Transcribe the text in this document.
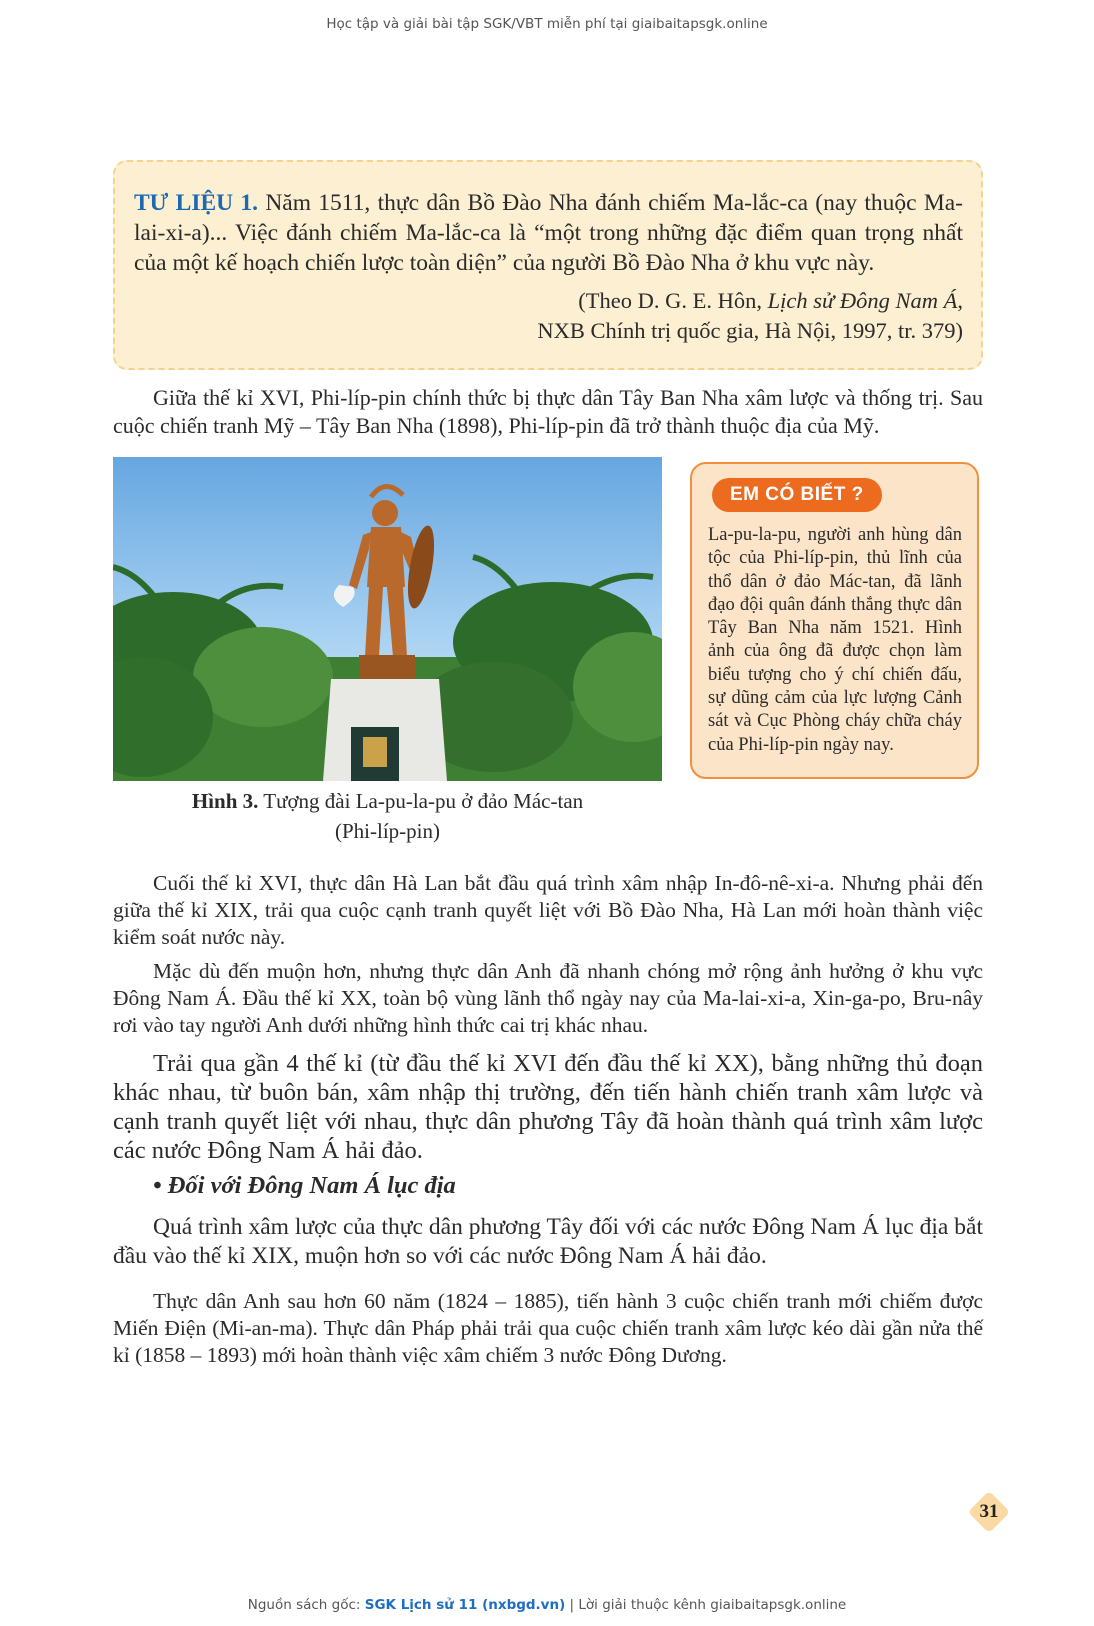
Học tập và giải bài tập SGK/VBT miễn phí tại giaibaitapsgk.online
TƯ LIỆU 1. Năm 1511, thực dân Bồ Đào Nha đánh chiếm Ma-lắc-ca (nay thuộc Ma-lai-xi-a)... Việc đánh chiếm Ma-lắc-ca là “một trong những đặc điểm quan trọng nhất của một kế hoạch chiến lược toàn diện” của người Bồ Đào Nha ở khu vực này.
(Theo D. G. E. Hôn, Lịch sử Đông Nam Á,
NXB Chính trị quốc gia, Hà Nội, 1997, tr. 379)
Giữa thế kỉ XVI, Phi-líp-pin chính thức bị thực dân Tây Ban Nha xâm lược và thống trị. Sau cuộc chiến tranh Mỹ – Tây Ban Nha (1898), Phi-líp-pin đã trở thành thuộc địa của Mỹ.
Hình 3. Tượng đài La-pu-la-pu ở đảo Mác-tan
(Phi-líp-pin)
EM CÓ BIẾT ?
La-pu-la-pu, người anh hùng dân tộc của Phi-líp-pin, thủ lĩnh của thổ dân ở đảo Mác-tan, đã lãnh đạo đội quân đánh thắng thực dân Tây Ban Nha năm 1521. Hình ảnh của ông đã được chọn làm biểu tượng cho ý chí chiến đấu, sự dũng cảm của lực lượng Cảnh sát và Cục Phòng cháy chữa cháy của Phi-líp-pin ngày nay.
Cuối thế kỉ XVI, thực dân Hà Lan bắt đầu quá trình xâm nhập In-đô-nê-xi-a. Nhưng phải đến giữa thế kỉ XIX, trải qua cuộc cạnh tranh quyết liệt với Bồ Đào Nha, Hà Lan mới hoàn thành việc kiểm soát nước này.
Mặc dù đến muộn hơn, nhưng thực dân Anh đã nhanh chóng mở rộng ảnh hưởng ở khu vực Đông Nam Á. Đầu thế kỉ XX, toàn bộ vùng lãnh thổ ngày nay của Ma-lai-xi-a, Xin-ga-po, Bru-nây rơi vào tay người Anh dưới những hình thức cai trị khác nhau.
Trải qua gần 4 thế kỉ (từ đầu thế kỉ XVI đến đầu thế kỉ XX), bằng những thủ đoạn khác nhau, từ buôn bán, xâm nhập thị trường, đến tiến hành chiến tranh xâm lược và cạnh tranh quyết liệt với nhau, thực dân phương Tây đã hoàn thành quá trình xâm lược các nước Đông Nam Á hải đảo.
• Đối với Đông Nam Á lục địa
Quá trình xâm lược của thực dân phương Tây đối với các nước Đông Nam Á lục địa bắt đầu vào thế kỉ XIX, muộn hơn so với các nước Đông Nam Á hải đảo.
Thực dân Anh sau hơn 60 năm (1824 – 1885), tiến hành 3 cuộc chiến tranh mới chiếm được Miến Điện (Mi-an-ma). Thực dân Pháp phải trải qua cuộc chiến tranh xâm lược kéo dài gần nửa thế kỉ (1858 – 1893) mới hoàn thành việc xâm chiếm 3 nước Đông Dương.
31
Nguồn sách gốc: SGK Lịch sử 11 (nxbgd.vn) | Lời giải thuộc kênh giaibaitapsgk.online
